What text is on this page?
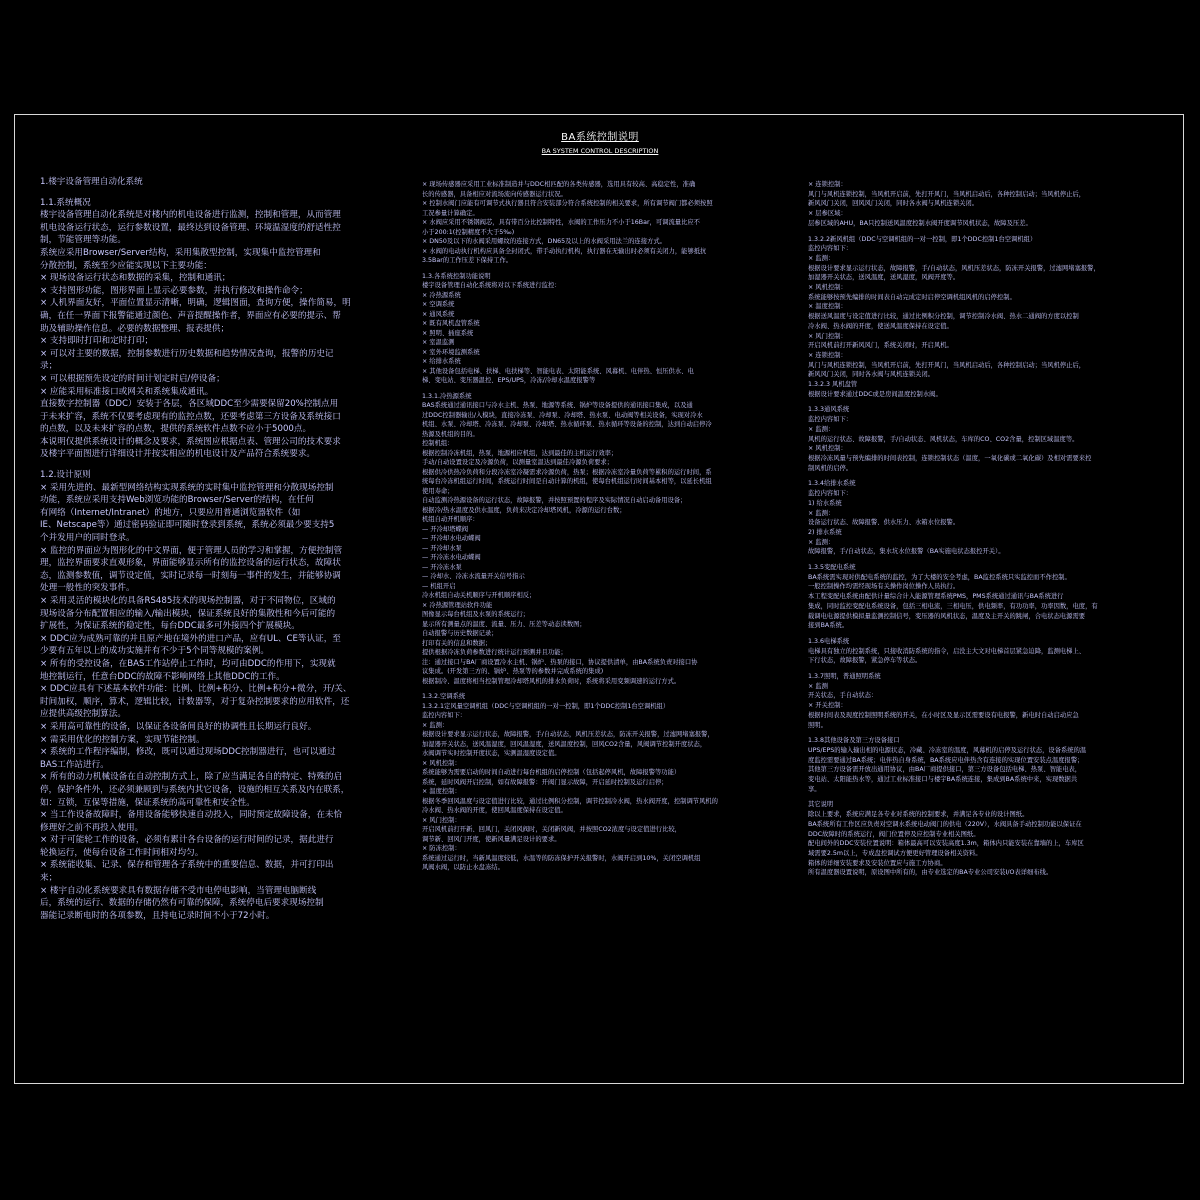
BA系统控制说明
BA SYSTEM CONTROL DESCRIPTION
1.楼宇设备管理自动化系统
1.1.系统概况
楼宇设备管理自动化系统是对楼内的机电设备进行监测，控制和管理，从而管理
机电设备运行状态，运行参数设置，最终达到设备管理、环境温湿度的舒适性控
制，节能管理等功能。
系统应采用Browser/Server结构，采用集散型控制，实现集中监控管理和
分散控制，系统至少应能实现以下主要功能：
× 现场设备运行状态和数据的采集，控制和通讯；
× 支持图形功能，图形界面上显示必要参数，并执行修改和操作命令；
× 人机界面友好，平面位置显示清晰，明确，逻辑图面，查询方便，操作简易，明
确，在任一界面下报警能通过颜色、声音提醒操作者，界面应有必要的提示、帮
助及辅助操作信息。必要的数据整理、报表提供；
× 支持即时打印和定时打印；
× 可以对主要的数据，控制参数进行历史数据和趋势情况查询，报警的历史记
录；
× 可以根据预先设定的时间计划定时启/停设备；
× 应能采用标准接口或网关和系统集成通讯。
直接数字控制器（DDC）安装于各层，各区域DDC至少需要保留20%控制点用
于未来扩容，系统不仅要考虑现有的监控点数，还要考虑第三方设备及系统接口
的点数，以及未来扩容的点数，提供的系统软件点数不应小于5000点。
本说明仅提供系统设计的概念及要求，系统图应根据点表、管理公司的技术要求
及楼宇平面图进行详细设计并按实相应的机电设计及产品符合系统要求。
1.2.设计原则
× 采用先进的、最新型网络结构实现系统的实时集中监控管理和分散现场控制
功能，系统应采用支持Web浏览功能的Browser/Server的结构，在任何
有网络（Internet/Intranet）的地方，只要应用普通浏览器软件（如
IE、Netscape等）通过密码验证即可随时登录到系统，系统必须最少要支持5
个并发用户的同时登录。
× 监控的界面应为图形化的中文界面，便于管理人员的学习和掌握，方便控制管
理，监控界面要求直观形象，界面能够显示所有的监控设备的运行状态，故障状
态，监测参数值，调节设定值，实时记录每一时刻每一事件的发生，并能够协调
处理一般性的突发事件。
× 采用灵活的模块化的具备RS485技术的现场控制器，对于不同物位，区域的
现场设备分布配置相应的输入/输出模块，保证系统良好的集散性和今后可能的
扩展性，为保证系统的稳定性，每台DDC最多可外接四个扩展模块。
× DDC应为成熟可靠的并且原产地在境外的进口产品，应有UL、CE等认证，至
少要有五年以上的成功实施并有不少于5个同等规模的案例。
× 所有的受控设备，在BAS工作站停止工作时，均可由DDC的作用下，实现就
地控制运行，任意台DDC的故障不影响网络上其他DDC的工作。
× DDC应具有下述基本软件功能：比例、比例+积分、比例+积分+微分，开/关、
时间加权，顺序，算术，逻辑比较，计数器等，对于复杂控制要求的应用软件，还
应提供高级控制算法。
× 采用高可靠性的设备，以保证各设备间良好的协调性且长期运行良好。
× 需采用优化的控制方案，实现节能控制。
× 系统的工作程序编制，修改，既可以通过现场DDC控制器进行，也可以通过
BAS工作站进行。
× 所有的动力机械设备在自动控制方式上，除了应当满足各自的特定、特殊的启
停，保护条件外，还必须兼顾到与系统内其它设备，设施的相互关系及内在联系，
如：互锁，互保等措施，保证系统的高可靠性和安全性。
× 当工作设备故障时，备用设备能够快速自动投入，同时预定故障设备，在未恰
修理好之前不再投入使用。
× 对于可能轮工作的设备，必须有累计各台设备的运行时间的记录，据此进行
轮换运行，使每台设备工作时间相对均匀。
× 系统能收集、记录、保存和管理各子系统中的重要信息、数据，并可打印出
来；
× 楼宇自动化系统要求具有数据存储不受市电停电影响，当管理电脑断线
后，系统的运行、数据的存储仍然有可靠的保障，系统停电后要求现场控制
器能记录断电时的各项参数，且持电记录时间不小于72小时。
× 现场传感器应采用工业标准制造并与DDC相匹配的各类传感器，选用具有较高、高稳定性，准确
长的传感器，具备相应对流场流向传感器运行状况。
× 控制水阀门应能有可调节式执行器且符合安装部分符合系统控制的相关要求，所有调节阀门都必须按照
工况参量计算确定。
× 水阀应采用不锈钢阀芯，具有带百分比控制特性，水阀的工作压力不小于16Bar，可调流量比应不
小于200:1(控制精度不大于5‰)
× DN50及以下的水阀采用螺纹的连接方式，DN65及以上的水阀采用法兰的连接方式。
× 水阀的电动执行机构应具备全封闭式，带手动执行机构，执行器在无输出时必须有关闭力，能够抵抗
3.5Bar的工作压差下保持工作。
1.3.各系统控制功能说明
楼宇设备管理自动化系统将对以下系统进行监控：
× 冷热源系统
× 空调系统
× 通风系统
× 既有风机盘管系统
× 照明、插座系统
× 室温监测
× 室外环境监测系统
× 给排水系统
× 其他设备包括电梯、扶梯、电扶梯等、智能电表、太阳能系统、风幕机、电伴热、恒压供水、电
梯、变电站、变压器温控、EPS/UPS，冷冻/冷却水温度报警等
1.3.1.冷热源系统
BAS系统通过通讯接口与冷水主机、热泵、地源等系统、锅炉等设备提供的通讯接口集成，以及通
过DDC控制器输出/入模块，直接冷冻泵、冷却泵、冷却塔、热水泵、电动阀等相关设备，实现对冷水
机组、水泵、冷却塔、冷冻泵、冷却泵、冷却塔、热水循环泵、热水循环等设备的控制，达到自动启停冷
热源及机组的目的。
控制机组：
根据控制冷冻机组，热泵，地源相应机组，达到最佳的主机运行效率；
手动/自动设置设定及冷源负荷，以测量室温达到最佳冷源负荷要求；
根据供冷供热冷负荷和分段冷冻室冷凝需求冷源负荷，热泵；根据冷冻室冷量负荷等累积的运行时间，系
统每台冷冻机组运行时间，系统运行时间是自动计算的机组，使每台机组运行时间基本相等，以延长机组
使用寿命；
自动监测冷热源设备的运行状态，故障报警，并按照预置的程序及实际情况自动启动备用设备；
根据冷/热水温度及供水温度，负荷来决定冷却塔风机，冷源的运行台数；
机组自动开机顺序：
— 开冷却塔蝶阀
— 开冷却水电动蝶阀
— 开冷却水泵
— 开冷冻水电动蝶阀
— 开冷冻水泵
— 冷却水、冷冻水流量开关信号指示
— 机组开启
冷水机组自动关机顺序与开机顺序相反；
× 冷热源管理站软件功能
图像显示每台机组及水泵的系统运行；
显示所有测量点的温度、流量、压力、压差等动态读数图；
自动报警与历史数据记录；
打印有关的信息和数据；
提供根据冷冻负荷参数进行统计运行预测并且功能；
注：通过接口与BA厂商设置冷水主机、锅炉、热泵的接口，协议提供清单，由BA系统负责对接口协
议集成。(开发第三方的、锅炉、热泵等的参数并完成系统的集成)
根据制冷、温度将相当控制管理冷却塔风机的排水负荷时，系统将采用变频调速的运行方式。
1.3.2.空调系统
1.3.2.1定风量空调机组（DDC与空调机组的一对一控制，即1个DDC控制1台空调机组）
监控内容如下：
× 监测：
根据设计要求显示运行状态，故障报警，手/自动状态，风机压差状态，防冻开关报警，过滤网堵塞报警，
加湿器开关状态，送风温湿度，回风温湿度，送风温度控制，回风CO2含量，风阀调节控制开度状态，
水阀调节实时控制开度状态，实测温湿度设定值。
× 风机控制：
系统能够为需要启动的时间自动进行每台机组的启停控制（包括起停风机，故障报警等功能）
系统，延时风阀开启控制，如有故障报警：开阀门显示故障，开启延时控制及运行启停；
× 温度控制：
根据冬季回风温度与设定值进行比较，通过比例积分控制，调节控制冷水阀，热水阀开度，控制调节风机的
冷水阀、热水阀的开度，使回风温度保持在设定值。
× 风门控制：
开启风机前打开新、回风门，关闭风阀时，关闭新风阀，并按照CO2浓度与设定值进行比较，
调节新、回风门开度，使新风量满足设计的要求。
× 防冻控制：
系统通过运行时，当新风温度较低，水温等的防冻保护开关报警时，水阀开启到10%，关闭空调机组
风阀水阀，以防止水盘冻结。
× 连锁控制：
风门与风机连锁控制，当风机开启前，先打开风门，当风机启动后，各种控制启动；当风机停止后，
新风风门关闭，回风风门关闭，同时各水阀与风机连锁关闭。
× 层参区域：
层参区域的AHU，BA只控制送风温度控制水阀开度调节风机状态，故障及压差。
1.3.2.2新风机组（DDC与空调机组的一对一控制，即1个DDC控制1台空调机组）
监控内容如下：
× 监测：
根据设计要求显示运行状态，故障报警，手/自动状态，风机压差状态，防冻开关报警，过滤网堵塞报警，
加湿器开关状态，送风温度，送风湿度，风阀开度等。
× 风机控制：
系统能够按预先编排的时间表自动完成定时启停空调机组风机的启停控制。
× 温度控制：
根据送风温度与设定值进行比较，通过比例积分控制，调节控制冷水阀、热水二通阀的方度以控制
冷水阀、热水阀的开度，使送风温度保持在设定值。
× 风门控制：
开启风机前打开新风风门，系统关闭时，开启风机。
× 连锁控制：
风门与风机连锁控制，当风机开启前，先打开风门，当风机启动后，各种控制启动；当风机停止后，
新风风门关闭，同时各水阀与风机连锁关闭。
1.3.2.3 风机盘管
根据设计要求通过DDC或是房间温度控制水阀。
1.3.3通风系统
监控内容如下：
× 监测：
风机的运行状态、故障报警，手/自动状态、风机状态，车库的CO、CO2含量，控制区域温度等。
× 风机控制：
根据冷冻风量与预先编排的时间表控制，连锁控制状态（温度，一氧化碳或二氧化碳）及相对需要来控
制风机的启停。
1.3.4给排水系统
监控内容如下：
1) 给水系统
× 监测：
设备运行状态、故障报警、供水压力、水箱水位报警。
2) 排水系统
× 监测：
故障报警，手/自动状态，集水坑水位报警（BA实施电状态报控开关）。
1.3.5变配电系统
BA系统需实现对供配电系统的监控，为了大楼的安全考虑，BA监控系统只实监控而不作控制。
一般控制操作均需经现场有关操作岗位操作人员执行。
本工程变配电系统由配供计量综合计入能源管理系统PMS，PMS系统通过通讯与BA系统进行
集成，同时监控变配电系统设备，包括三相电流，三相电压，供电频率，有功功率，功率因数，电度，有
载调电电源提供模拟量监测控制信号，变压器的风机状态，温度及主开关的跳闸，合电状态电源需要
接到BA系统。
1.3.6电梯系统
电梯具有独立的控制系统，只接收消防系统的指令，启没主大文对电梯首层紧急迫降，监测电梯上、
下行状态，故障报警，紧急停车等状态。
1.3.7照明，普通照明系统
× 监测
开关状态，手自动状态：
× 开关控制：
根据时间表及现度控制照明系统的开关，在小时区及显示区需要设有电报警，新电时自动启动应急
照明。
1.3.8其他设备及第三方设备接口
UPS/EPS的输入输出相的电源状态，冷藏、冷冻室的温度，风幕机的启停及运行状态，设备系统的温
度监控需要通过BA系统；电伴热自身系统，BA系统应电伴热含有连接的实现位置安装点温度报警；
其他第三方设备需开放出通用协议，由BA厂商提供接口，第三方设备包括电梯、热泵、智能电表，
变电站、太阳能热水等，通过工业标准接口与楼宇BA系统连接，集成到BA系统中来，实现数据共
享。
其它说明
除以上要求，系统应满足各专业对系统的控制要求，并满足各专业的设计图纸。
BA系统所有工作区应负责对空调水系统电动阀门的供电（220V），水阀具备手动控制功能以保证在
DDC故障时的系统运行，阀门位置停及应控制专业相关图纸。
配电间外的DDC安装位置说明：箱体最高可以安装高度1.3m，箱体内只能安装在靠墙的上，车库区
域需要2.5m以上，专成盘控调试方便更好管理设备相关资料。
箱体的详细安装要求及安装位置应与施工方协商。
所有温度器设置说明，原设图中所有的，由专业选定的BA专业公司安装I/O表详细布线。
